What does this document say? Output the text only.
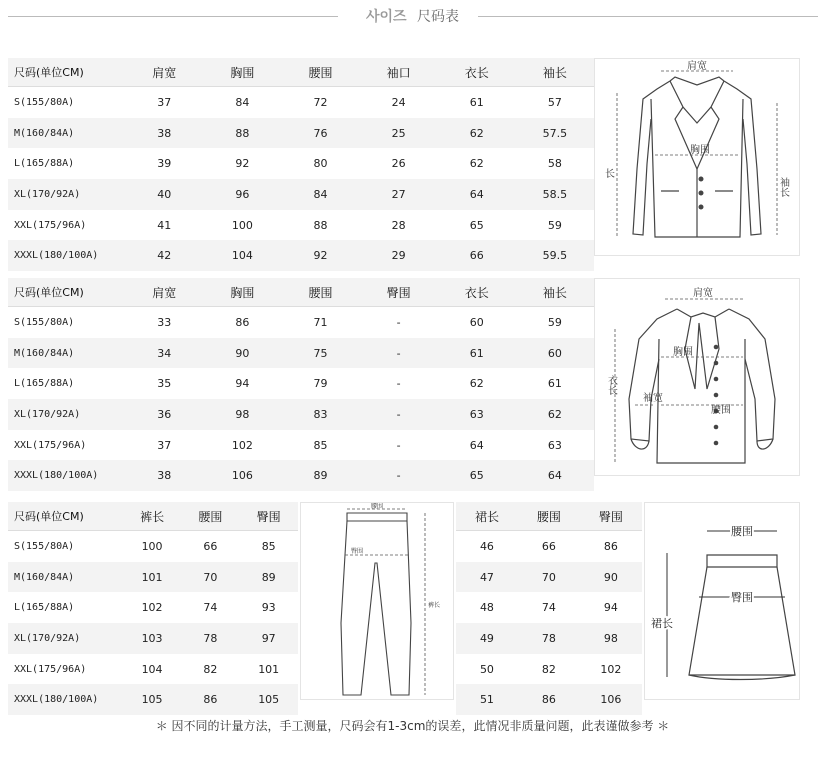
사이즈 尺码表
尺码(单位CM)	肩宽	胸围	腰围	袖口	衣长	袖长
S(155/80A)	37	84	72	24	61	57
M(160/84A)	38	88	76	25	62	57.5
L(165/88A)	39	92	80	26	62	58
XL(170/92A)	40	96	84	27	64	58.5
XXL(175/96A)	41	100	88	28	65	59
XXXL(180/100A)	42	104	92	29	66	59.5
肩宽
胸围
长
袖长
尺码(单位CM)	肩宽	胸围	腰围	臀围	衣长	袖长
S(155/80A)	33	86	71	-	60	59
M(160/84A)	34	90	75	-	61	60
L(165/88A)	35	94	79	-	62	61
XL(170/92A)	36	98	83	-	63	62
XXL(175/96A)	37	102	85	-	64	63
XXXL(180/100A)	38	106	89	-	65	64
肩宽
胸围
衣长
袖宽
腰围
尺码(单位CM)	裤长	腰围	臀围
S(155/80A)	100	66	85
M(160/84A)	101	70	89
L(165/88A)	102	74	93
XL(170/92A)	103	78	97
XXL(175/96A)	104	82	101
XXXL(180/100A)	105	86	105
腰围
臀围
裤长
裙长	腰围	臀围
46	66	86
47	70	90
48	74	94
49	78	98
50	82	102
51	86	106
腰围
臀围
裙长
＊ 因不同的计量方法，手工测量，尺码会有1-3cm的误差，此情况非质量问题，此表谨做参考 ＊
